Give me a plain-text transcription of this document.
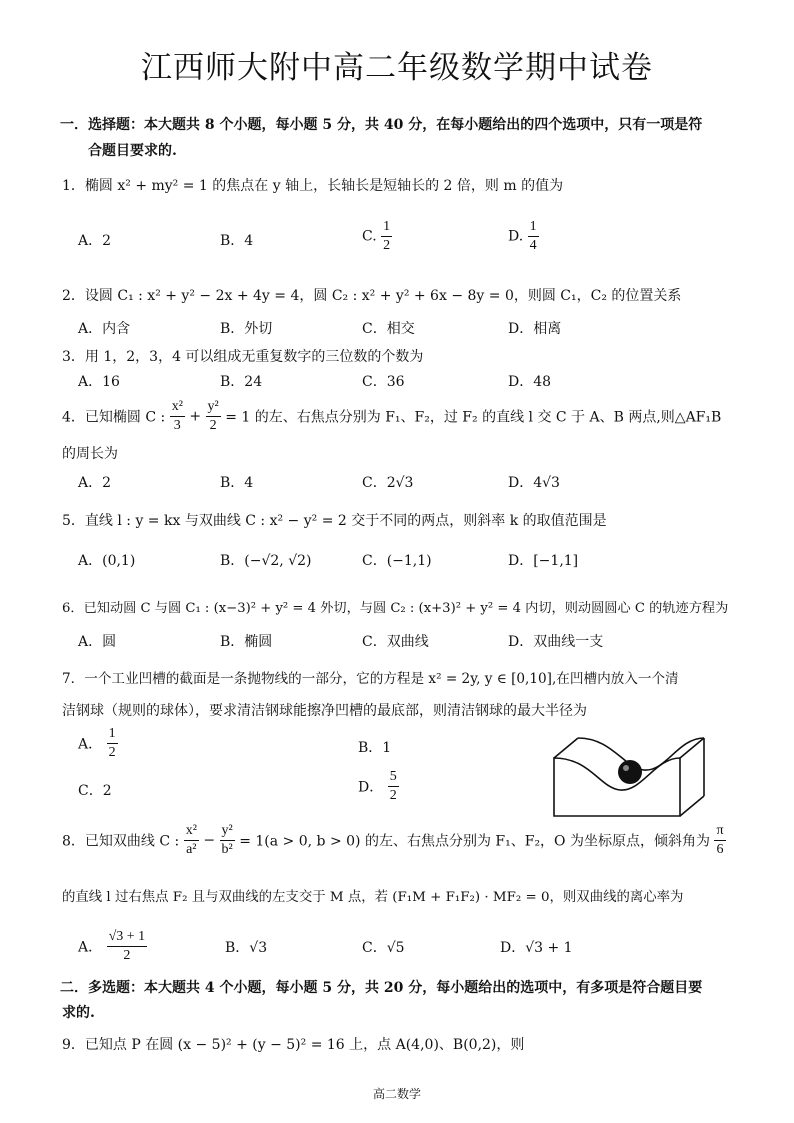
江西师大附中高二年级数学期中试卷
一．选择题：本大题共 8 个小题，每小题 5 分，共 40 分，在每小题给出的四个选项中，只有一项是符
合题目要求的.
1．椭圆 x² + my² = 1 的焦点在 y 轴上，长轴长是短轴长的 2 倍，则 m 的值为
A．2	B．4	C. $\frac{1}{2}$	D. $\frac{1}{4}$
2．设圆 C₁ : x² + y² − 2x + 4y = 4，圆 C₂ : x² + y² + 6x − 8y = 0，则圆 C₁，C₂ 的位置关系
A．内含	B．外切	C．相交	D．相离
3．用 1，2，3，4 可以组成无重复数字的三位数的个数为
A．16	B．24	C．36	D．48
4．已知椭圆 C : $\frac{\text{x²}}{3} + \frac{\text{y²}}{2} = 1$ 的左、右焦点分别为 F₁、F₂，过 F₂ 的直线 l 交 C 于 A、B 两点,则△AF₁B
的周长为
A．2	B．4	C．2√3	D．4√3
5．直线 l : y = kx 与双曲线 C : x² − y² = 2 交于不同的两点，则斜率 k 的取值范围是
A．(0,1)	B．(−√2, √2)	C．(−1,1)	D．[−1,1]
6．已知动圆 C 与圆 C₁ : (x−3)² + y² = 4 外切，与圆 C₂ : (x+3)² + y² = 4 内切，则动圆圆心 C 的轨迹方程为
A．圆	B．椭圆	C．双曲线	D．双曲线一支
7．一个工业凹槽的截面是一条抛物线的一部分，它的方程是 x² = 2y, y ∈ [0,10],在凹槽内放入一个清
洁钢球（规则的球体），要求清洁钢球能擦净凹槽的最底部，则清洁钢球的最大半径为
A． $\frac{1}{2}$	B．1
C．2	D． $\frac{5}{2}$
8．已知双曲线 C : $\frac{\text{x²}}{\text{a²}} - \frac{\text{y²}}{\text{b²}} = 1(a > 0$, b > 0) 的左、右焦点分别为 F₁、F₂，O 为坐标原点，倾斜角为 $\frac{\pi}{6}$
的直线 l 过右焦点 F₂ 且与双曲线的左支交于 M 点，若 (F₁M + F₁F₂) · MF₂ = 0，则双曲线的离心率为
A． $\frac{√3 + 1}{2}$	B．√3	C．√5	D．√3 + 1
二．多选题：本大题共 4 个小题，每小题 5 分，共 20 分，每小题给出的选项中，有多项是符合题目要
求的.
9．已知点 P 在圆 (x − 5)² + (y − 5)² = 16 上，点 A(4,0)、B(0,2)，则
高二数学
